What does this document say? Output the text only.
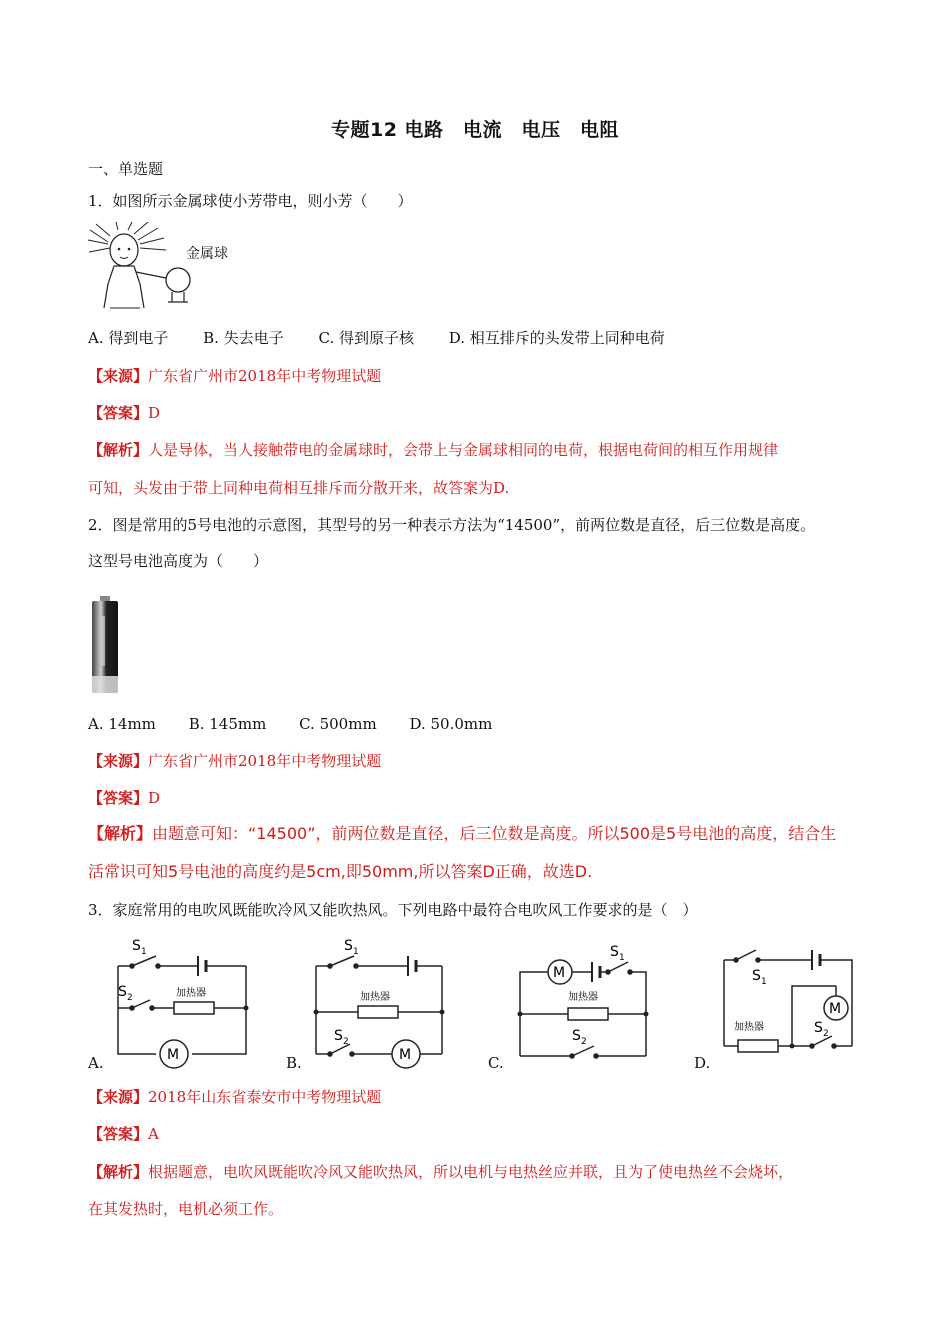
专题12 电路　电流　电压　电阻
一、单选题
1．如图所示金属球使小芳带电，则小芳（　　）
金属球
A. 得到电子 B. 失去电子 C. 得到原子核 D. 相互排斥的头发带上同种电荷
【来源】广东省广州市2018年中考物理试题
【答案】D
【解析】人是导体，当人接触带电的金属球时，会带上与金属球相同的电荷，根据电荷间的相互作用规律
可知，头发由于带上同种电荷相互排斥而分散开来，故答案为D.
2．图是常用的5号电池的示意图，其型号的另一种表示方法为“14500”，前两位数是直径，后三位数是高度。
这型号电池高度为（　　）
A. 14mm B. 145mm C. 500mm D. 50.0mm
【来源】广东省广州市2018年中考物理试题
【答案】D
【解析】由题意可知：“14500”，前两位数是直径，后三位数是高度。所以500是5号电池的高度，结合生
活常识可知5号电池的高度约是5cm,即50mm,所以答案D正确，故选D.
3．家庭常用的电吹风既能吹冷风又能吹热风。下列电路中最符合电吹风工作要求的是（　）
S 1
S 2	加热器
M
A.
S 1
加热器
S 2
M
B.
M
S 1
加热器
S 2
C.
S 1
M
加热器	S 2
D.
【来源】2018年山东省泰安市中考物理试题
【答案】A
【解析】根据题意，电吹风既能吹冷风又能吹热风，所以电机与电热丝应并联，且为了使电热丝不会烧坏，
在其发热时，电机必须工作。
